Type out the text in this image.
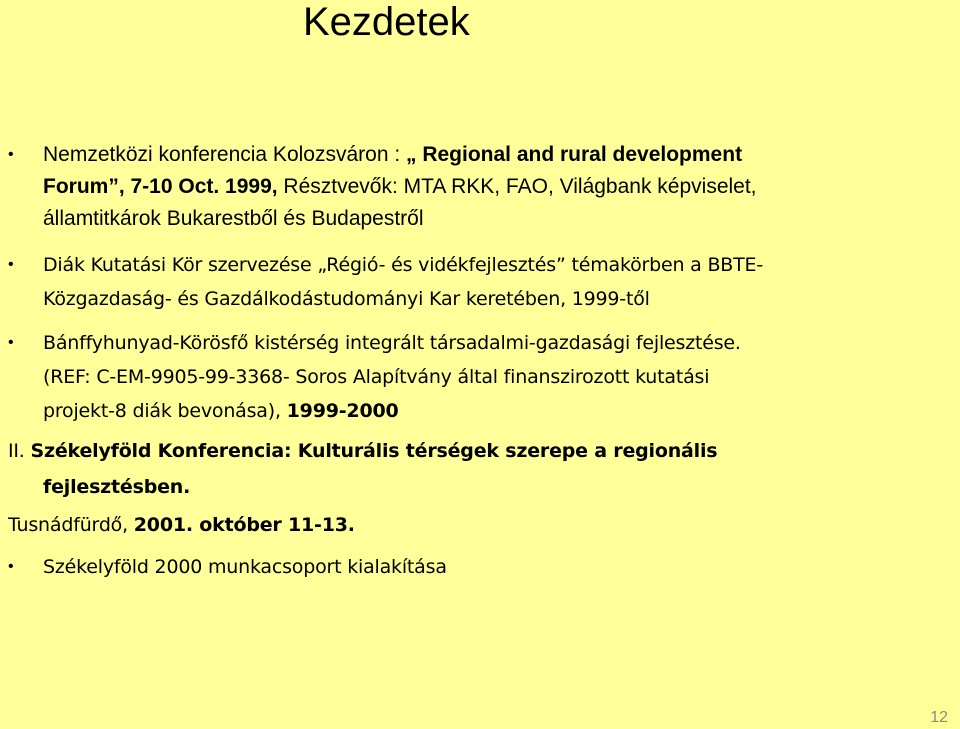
Kezdetek
• Nemzetközi konferencia Kolozsváron : „ Regional and rural development
Forum”, 7-10 Oct. 1999, Résztvevők: MTA RKK, FAO, Világbank képviselet,
államtitkárok Bukarestből és Budapestről
• Diák Kutatási Kör szervezése „Régió- és vidékfejlesztés” témakörben a BBTE-
Közgazdaság- és Gazdálkodástudományi Kar keretében, 1999-től
• Bánffyhunyad-Körösfő kistérség integrált társadalmi-gazdasági fejlesztése.
(REF: C-EM-9905-99-3368- Soros Alapítvány által finanszirozott kutatási
projekt-8 diák bevonása), 1999-2000
II. Székelyföld Konferencia: Kulturális térségek szerepe a regionális
fejlesztésben.
Tusnádfürdő, 2001. október 11-13.
• Székelyföld 2000 munkacsoport kialakítása
12
